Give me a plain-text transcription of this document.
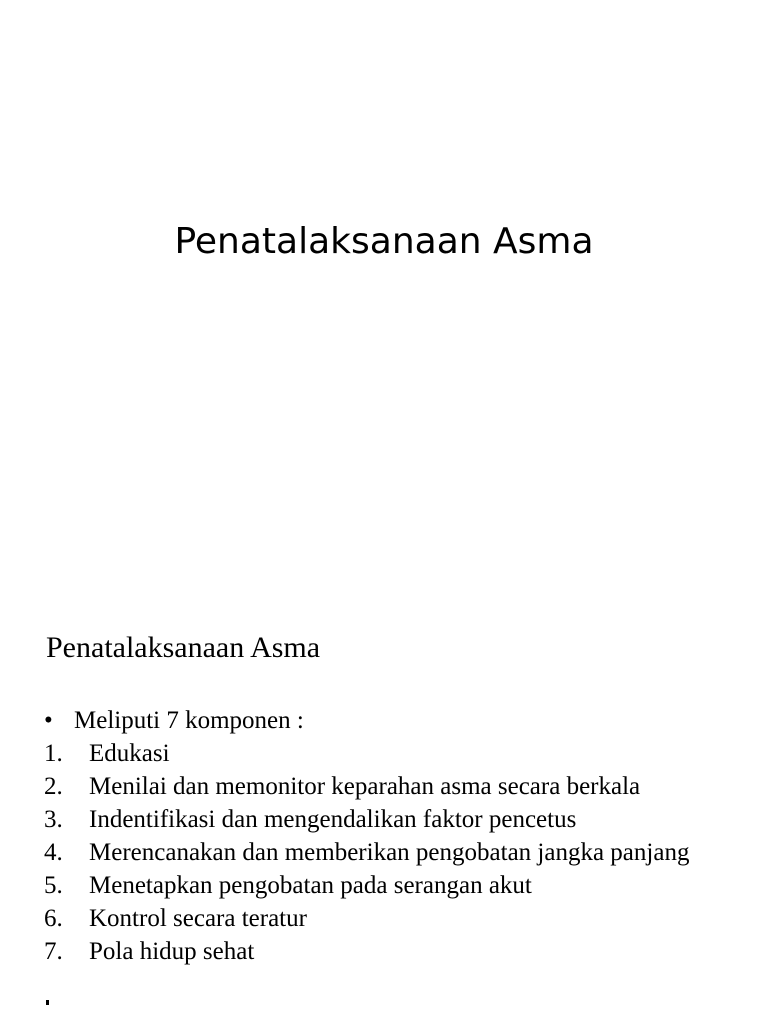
Penatalaksanaan Asma
Penatalaksanaan Asma
• Meliputi 7 komponen :
1.	Edukasi
2.	Menilai dan memonitor keparahan asma secara berkala
3.	Indentifikasi dan mengendalikan faktor pencetus
4.	Merencanakan dan memberikan pengobatan jangka panjang
5.	Menetapkan pengobatan pada serangan akut
6.	Kontrol secara teratur
7.	Pola hidup sehat
